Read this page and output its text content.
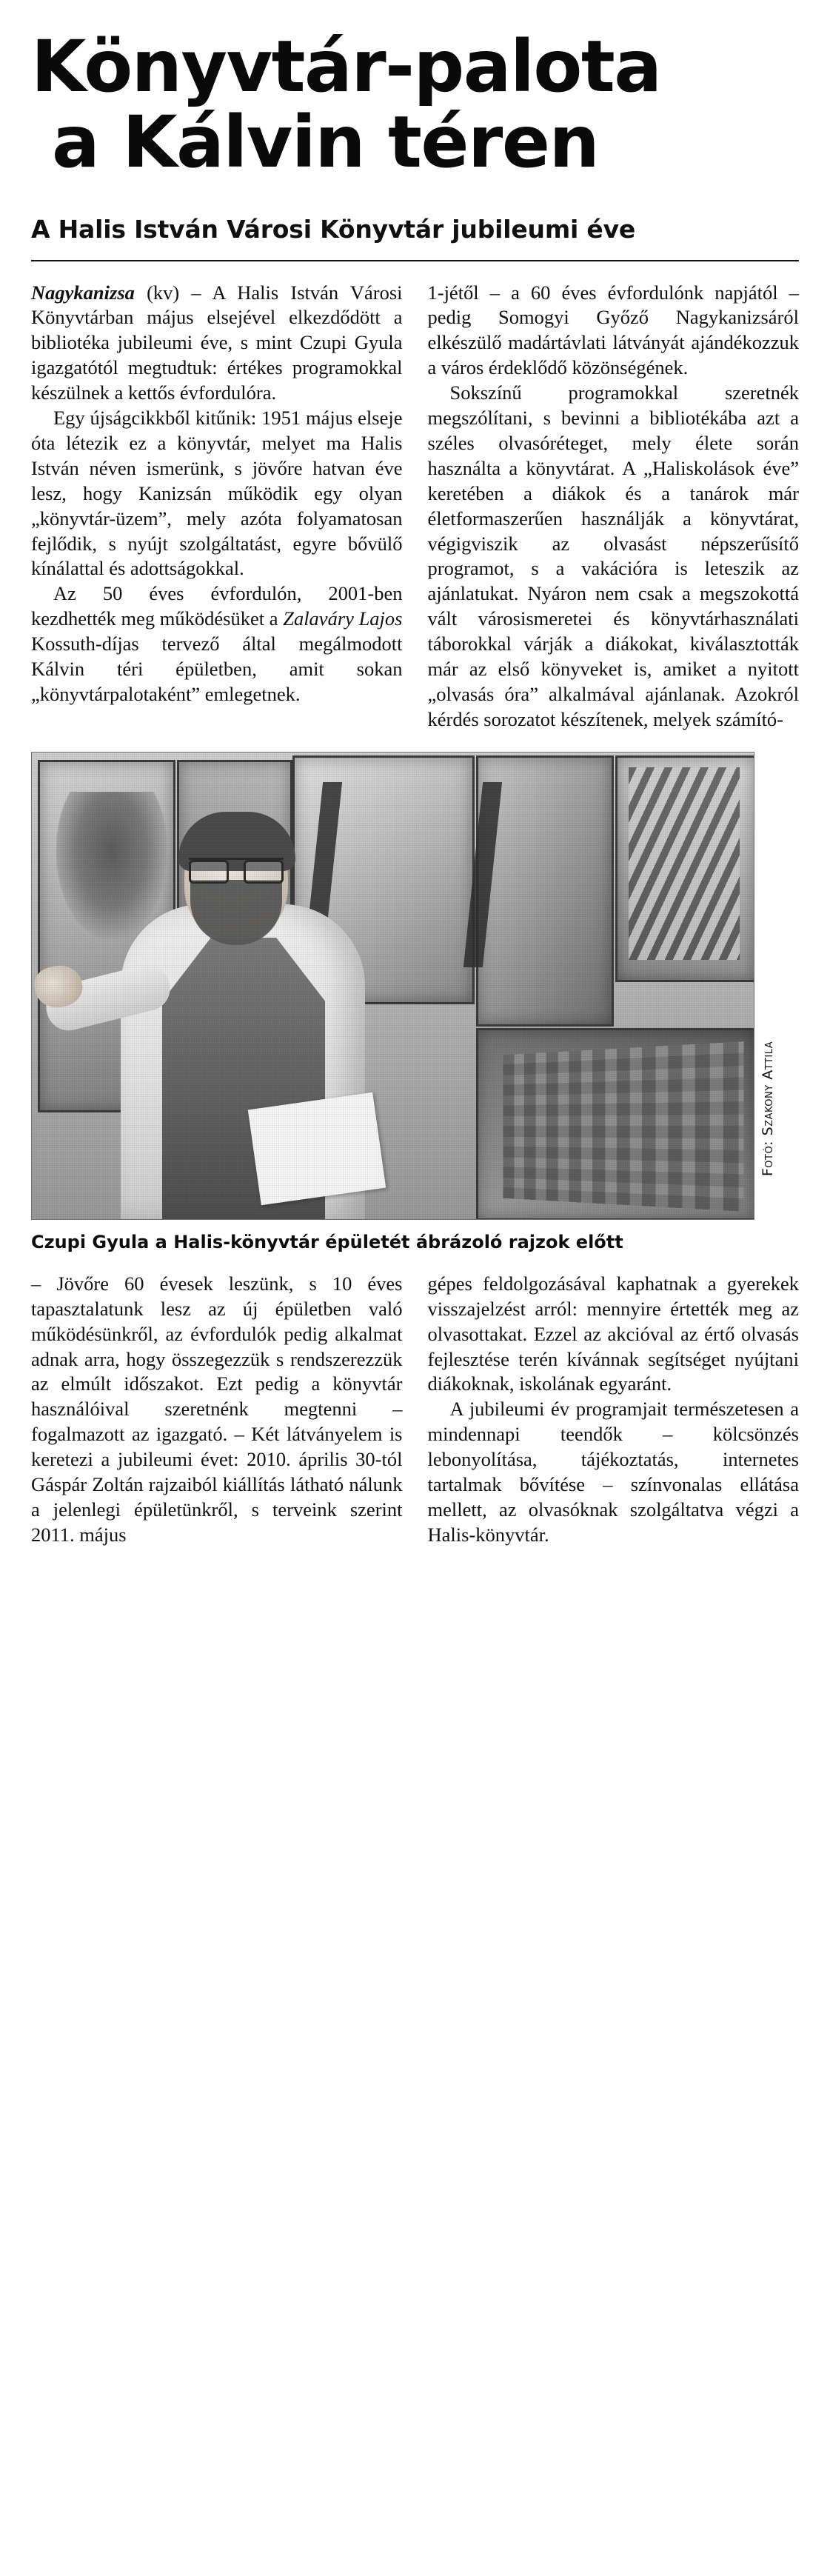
Könyvtár-palota
a Kálvin téren
A Halis István Városi Könyvtár jubileumi éve

Nagykanizsa (kv) – A Halis István Városi Könyvtárban május elsejével elkezdődött a bibliotéka jubileumi éve, s mint Czupi Gyula igazgatótól megtudtuk: értékes programokkal készülnek a kettős évfordulóra.

Egy újságcikkből kitűnik: 1951 május elseje óta létezik ez a könyvtár, melyet ma Halis István néven ismerünk, s jövőre hatvan éve lesz, hogy Kanizsán működik egy olyan „könyvtár-üzem”, mely azóta folyamatosan fejlődik, s nyújt szolgáltatást, egyre bővülő kínálattal és adottságokkal.

Az 50 éves évfordulón, 2001-ben kezdhették meg működésüket a Zalaváry Lajos Kossuth-díjas tervező által megálmodott Kálvin téri épületben, amit sokan „könyvtárpalotaként” emlegetnek.

1-jétől – a 60 éves évfordulónk napjától – pedig Somogyi Győző Nagykanizsáról elkészülő madártávlati látványát ajándékozzuk a város érdeklődő közönségének.

Sokszínű programokkal szeretnék megszólítani, s bevinni a bibliotékába azt a széles olvasóréteget, mely élete során használta a könyvtárat. A „Haliskolások éve” keretében a diákok és a tanárok már életformaszerűen használják a könyvtárat, végigviszik az olvasást népszerűsítő programot, s a vakációra is leteszik az ajánlatukat. Nyáron nem csak a megszokottá vált városismeretei és könyvtárhasználati táborokkal várják a diákokat, kiválasztották már az első könyveket is, amiket a nyitott „olvasás óra” alkalmával ajánlanak. Azokról kérdés sorozatot készítenek, melyek számító-

Fotó: Szakony Attila
Czupi Gyula a Halis-könyvtár épületét ábrázoló rajzok előtt

– Jövőre 60 évesek leszünk, s 10 éves tapasztalatunk lesz az új épületben való működésünkről, az évfordulók pedig alkalmat adnak arra, hogy összegezzük s rendszerezzük az elmúlt időszakot. Ezt pedig a könyvtár használóival szeretnénk megtenni – fogalmazott az igazgató. – Két látványelem is keretezi a jubileumi évet: 2010. április 30-tól Gáspár Zoltán rajzaiból kiállítás látható nálunk a jelenlegi épületünkről, s terveink szerint 2011. május

gépes feldolgozásával kaphatnak a gyerekek visszajelzést arról: mennyire értették meg az olvasottakat. Ezzel az akcióval az értő olvasás fejlesztése terén kívánnak segítséget nyújtani diákoknak, iskolának egyaránt.

A jubileumi év programjait természetesen a mindennapi teendők – kölcsönzés lebonyolítása, tájékoztatás, internetes tartalmak bővítése – színvonalas ellátása mellett, az olvasóknak szolgáltatva végzi a Halis-könyvtár.
